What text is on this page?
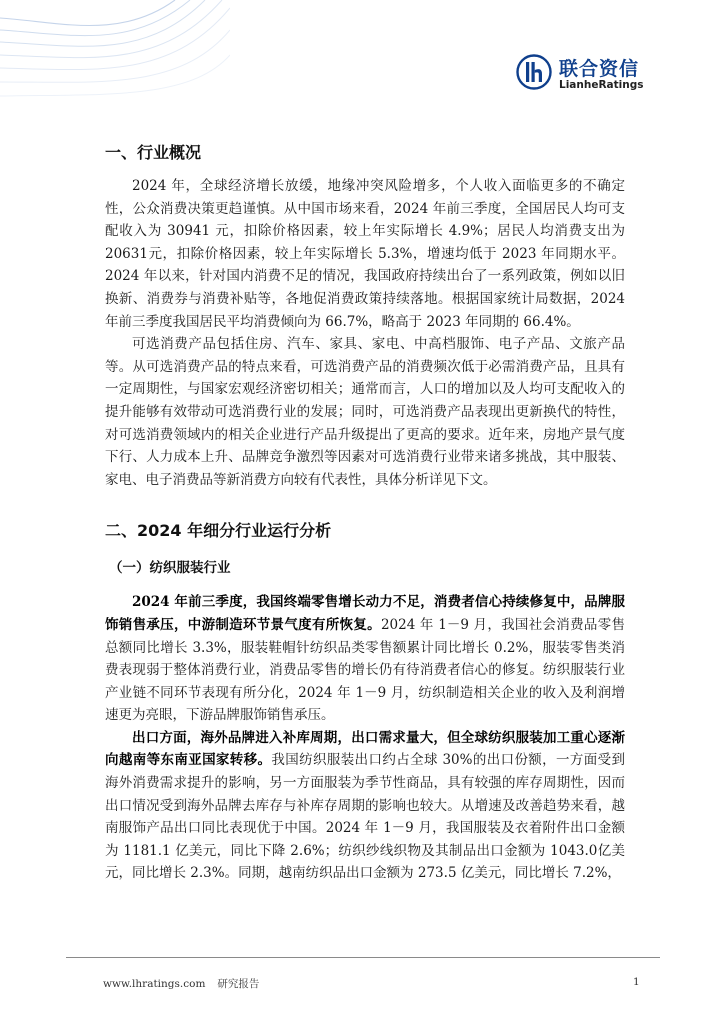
联合资信
LianheRatings
一、行业概况

2024 年，全球经济增长放缓，地缘冲突风险增多，个人收入面临更多的不确定性，公众消费决策更趋谨慎。从中国市场来看，2024 年前三季度，全国居民人均可支配收入为 30941 元，扣除价格因素，较上年实际增长 4.9%；居民人均消费支出为 20631元，扣除价格因素，较上年实际增长 5.3%，增速均低于 2023 年同期水平。2024 年以来，针对国内消费不足的情况，我国政府持续出台了一系列政策，例如以旧换新、消费券与消费补贴等，各地促消费政策持续落地。根据国家统计局数据，2024 年前三季度我国居民平均消费倾向为 66.7%，略高于 2023 年同期的 66.4%。

可选消费产品包括住房、汽车、家具、家电、中高档服饰、电子产品、文旅产品等。从可选消费产品的特点来看，可选消费产品的消费频次低于必需消费产品，且具有一定周期性，与国家宏观经济密切相关；通常而言，人口的增加以及人均可支配收入的提升能够有效带动可选消费行业的发展；同时，可选消费产品表现出更新换代的特性，对可选消费领域内的相关企业进行产品升级提出了更高的要求。近年来，房地产景气度下行、人力成本上升、品牌竞争激烈等因素对可选消费行业带来诸多挑战，其中服装、家电、电子消费品等新消费方向较有代表性，具体分析详见下文。

二、2024 年细分行业运行分析
（一）纺织服装行业

2024 年前三季度，我国终端零售增长动力不足，消费者信心持续修复中，品牌服饰销售承压，中游制造环节景气度有所恢复。2024 年 1－9 月，我国社会消费品零售总额同比增长 3.3%，服装鞋帽针纺织品类零售额累计同比增长 0.2%，服装零售类消费表现弱于整体消费行业，消费品零售的增长仍有待消费者信心的修复。纺织服装行业产业链不同环节表现有所分化，2024 年 1－9 月，纺织制造相关企业的收入及利润增速更为亮眼，下游品牌服饰销售承压。

出口方面，海外品牌进入补库周期，出口需求量大，但全球纺织服装加工重心逐渐向越南等东南亚国家转移。我国纺织服装出口约占全球 30%的出口份额，一方面受到海外消费需求提升的影响，另一方面服装为季节性商品，具有较强的库存周期性，因而出口情况受到海外品牌去库存与补库存周期的影响也较大。从增速及改善趋势来看，越南服饰产品出口同比表现优于中国。2024 年 1－9 月，我国服装及衣着附件出口金额为 1181.1 亿美元，同比下降 2.6%；纺织纱线织物及其制品出口金额为 1043.0亿美元，同比增长 2.3%。同期，越南纺织品出口金额为 273.5 亿美元，同比增长 7.2%，

www.lhratings.com 研究报告	1
